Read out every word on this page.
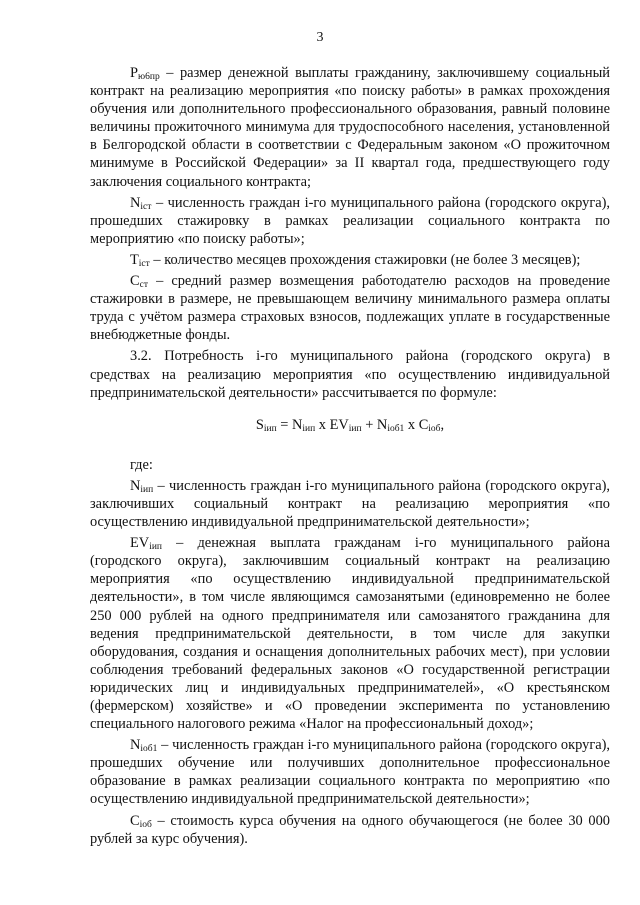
3

$P_{ю6пр}$ – размер денежной выплаты гражданину, заключившему социальный контракт на реализацию мероприятия «по поиску работы» в рамках прохождения обучения или дополнительного профессионального образования, равный половине величины прожиточного минимума для трудоспособного населения, установленной в Белгородской области в соответствии с Федеральным законом «О прожиточном минимуме в Российской Федерации» за II квартал года, предшествующего году заключения социального контракта;

$N_{iст}$ – численность граждан i-го муниципального района (городского округа), прошедших стажировку в рамках реализации социального контракта по мероприятию «по поиску работы»;

$T_{iст}$ – количество месяцев прохождения стажировки (не более 3 месяцев);

$C_{ст}$ – средний размер возмещения работодателю расходов на проведение стажировки в размере, не превышающем величину минимального размера оплаты труда с учётом размера страховых взносов, подлежащих уплате в государственные внебюджетные фонды.

3.2. Потребность i-го муниципального района (городского округа) в средствах на реализацию мероприятия «по осуществлению индивидуальной предпринимательской деятельности» рассчитывается по формуле:

$S_{iип} = N_{iип}$ x $EV_{iип} + N_{iоб1}$ x $C_{iоб}$,

где:

$N_{iип}$ – численность граждан i-го муниципального района (городского округа), заключивших социальный контракт на реализацию мероприятия «по осуществлению индивидуальной предпринимательской деятельности»;

$EV_{iип}$ – денежная выплата гражданам i-го муниципального района (городского округа), заключившим социальный контракт на реализацию мероприятия «по осуществлению индивидуальной предпринимательской деятельности», в том числе являющимся самозанятыми (единовременно не более 250 000 рублей на одного предпринимателя или самозанятого гражданина для ведения предпринимательской деятельности, в том числе для закупки оборудования, создания и оснащения дополнительных рабочих мест), при условии соблюдения требований федеральных законов «О государственной регистрации юридических лиц и индивидуальных предпринимателей», «О крестьянском (фермерском) хозяйстве» и «О проведении эксперимента по установлению специального налогового режима «Налог на профессиональный доход»;

$N_{iоб1}$ – численность граждан i-го муниципального района (городского округа), прошедших обучение или получивших дополнительное профессиональное образование в рамках реализации социального контракта по мероприятию «по осуществлению индивидуальной предпринимательской деятельности»;

$C_{iоб}$ – стоимость курса обучения на одного обучающегося (не более 30 000 рублей за курс обучения).
